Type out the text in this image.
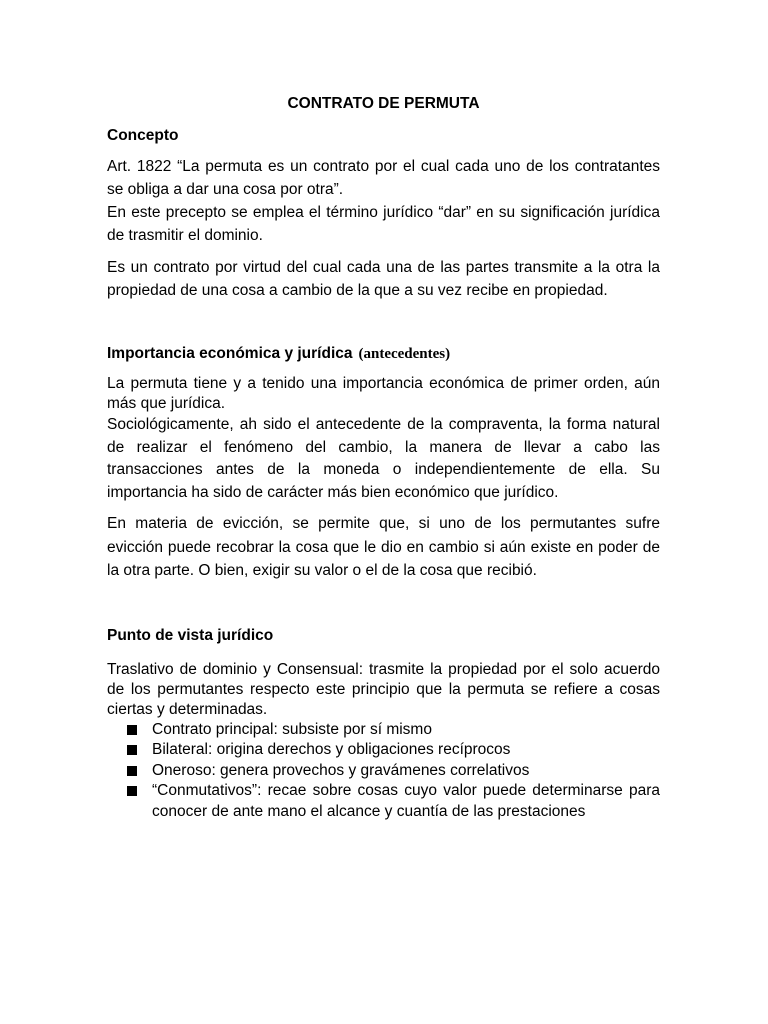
CONTRATO DE PERMUTA
Concepto

Art. 1822 “La permuta es un contrato por el cual cada uno de los contratantes se obliga a dar una cosa por otra”.

En este precepto se emplea el término jurídico “dar” en su significación jurídica de trasmitir el dominio.

Es un contrato por virtud del cual cada una de las partes transmite a la otra la propiedad de una cosa a cambio de la que a su vez recibe en propiedad.

Importancia económica y jurídica (antecedentes)

La permuta tiene y a tenido una importancia económica de primer orden, aún más que jurídica.

Sociológicamente, ah sido el antecedente de la compraventa, la forma natural de realizar el fenómeno del cambio, la manera de llevar a cabo las transacciones antes de la moneda o independientemente de ella. Su importancia ha sido de carácter más bien económico que jurídico.

En materia de evicción, se permite que, si uno de los permutantes sufre evicción puede recobrar la cosa que le dio en cambio si aún existe en poder de la otra parte. O bien, exigir su valor o el de la cosa que recibió.

Punto de vista jurídico

Traslativo de dominio y Consensual: trasmite la propiedad por el solo acuerdo de los permutantes respecto este principio que la permuta se refiere a cosas ciertas y determinadas.

Contrato principal: subsiste por sí mismo
Bilateral: origina derechos y obligaciones recíprocos
Oneroso: genera provechos y gravámenes correlativos
“Conmutativos”: recae sobre cosas cuyo valor puede determinarse para conocer de ante mano el alcance y cuantía de las prestaciones
